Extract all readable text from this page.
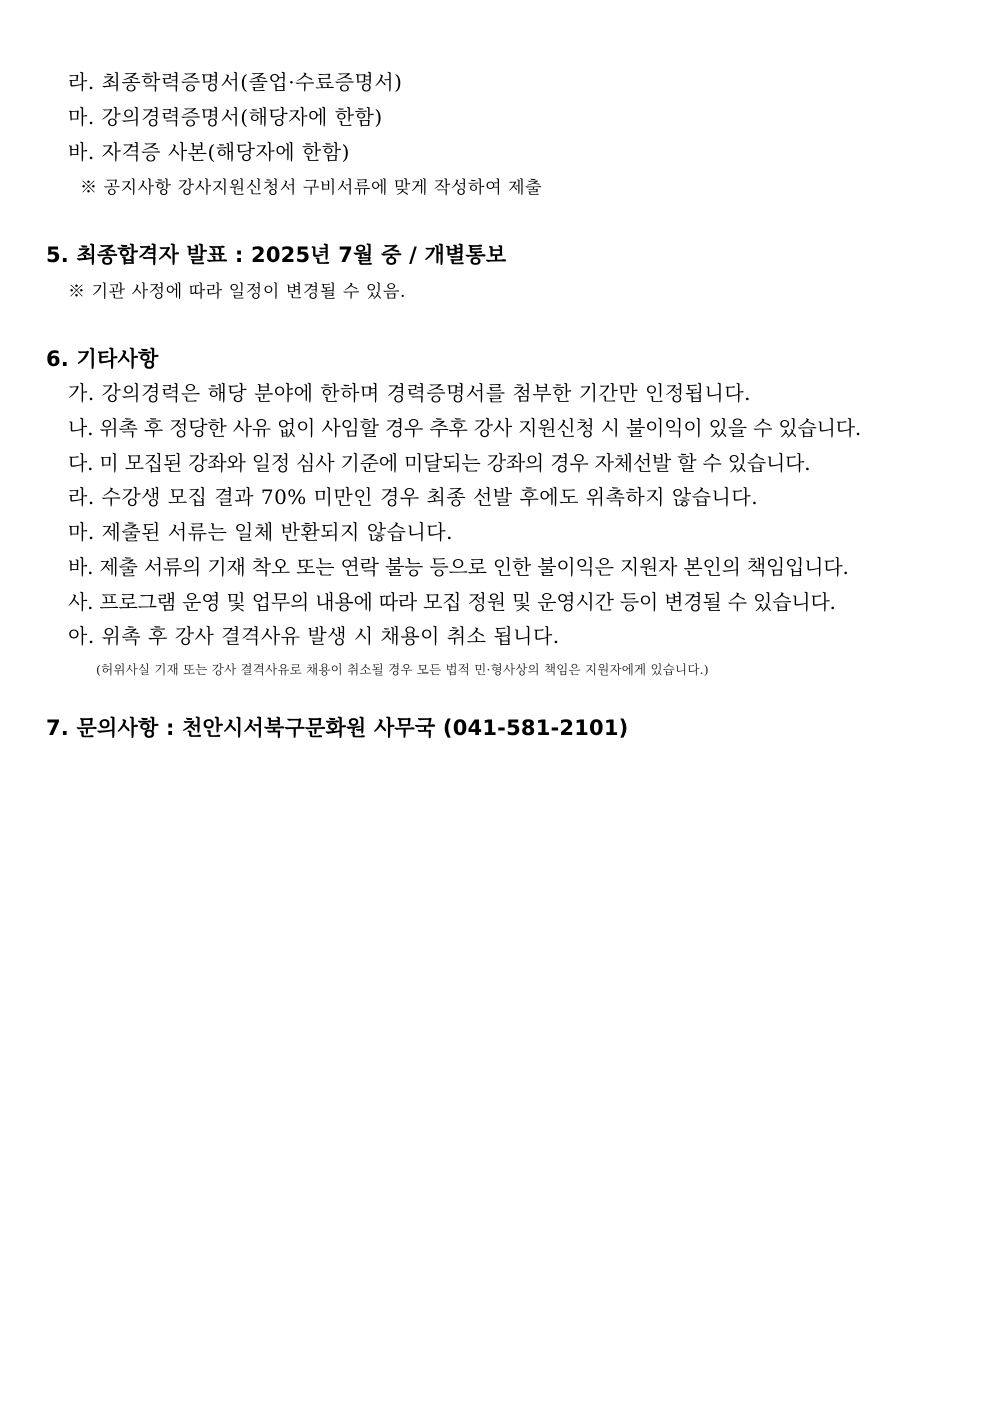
라. 최종학력증명서(졸업·수료증명서)
마. 강의경력증명서(해당자에 한함)
바. 자격증 사본(해당자에 한함)
※ 공지사항 강사지원신청서 구비서류에 맞게 작성하여 제출
5. 최종합격자 발표 : 2025년 7월 중 / 개별통보
※ 기관 사정에 따라 일정이 변경될 수 있음.
6. 기타사항
가. 강의경력은 해당 분야에 한하며 경력증명서를 첨부한 기간만 인정됩니다.
나. 위촉 후 정당한 사유 없이 사임할 경우 추후 강사 지원신청 시 불이익이 있을 수 있습니다.
다. 미 모집된 강좌와 일정 심사 기준에 미달되는 강좌의 경우 자체선발 할 수 있습니다.
라. 수강생 모집 결과 70% 미만인 경우 최종 선발 후에도 위촉하지 않습니다.
마. 제출된 서류는 일체 반환되지 않습니다.
바. 제출 서류의 기재 착오 또는 연락 불능 등으로 인한 불이익은 지원자 본인의 책임입니다.
사. 프로그램 운영 및 업무의 내용에 따라 모집 정원 및 운영시간 등이 변경될 수 있습니다.
아. 위촉 후 강사 결격사유 발생 시 채용이 취소 됩니다.
(허위사실 기재 또는 강사 결격사유로 채용이 취소될 경우 모든 법적 민·형사상의 책임은 지원자에게 있습니다.)
7. 문의사항 : 천안시서북구문화원 사무국 (041-581-2101)
